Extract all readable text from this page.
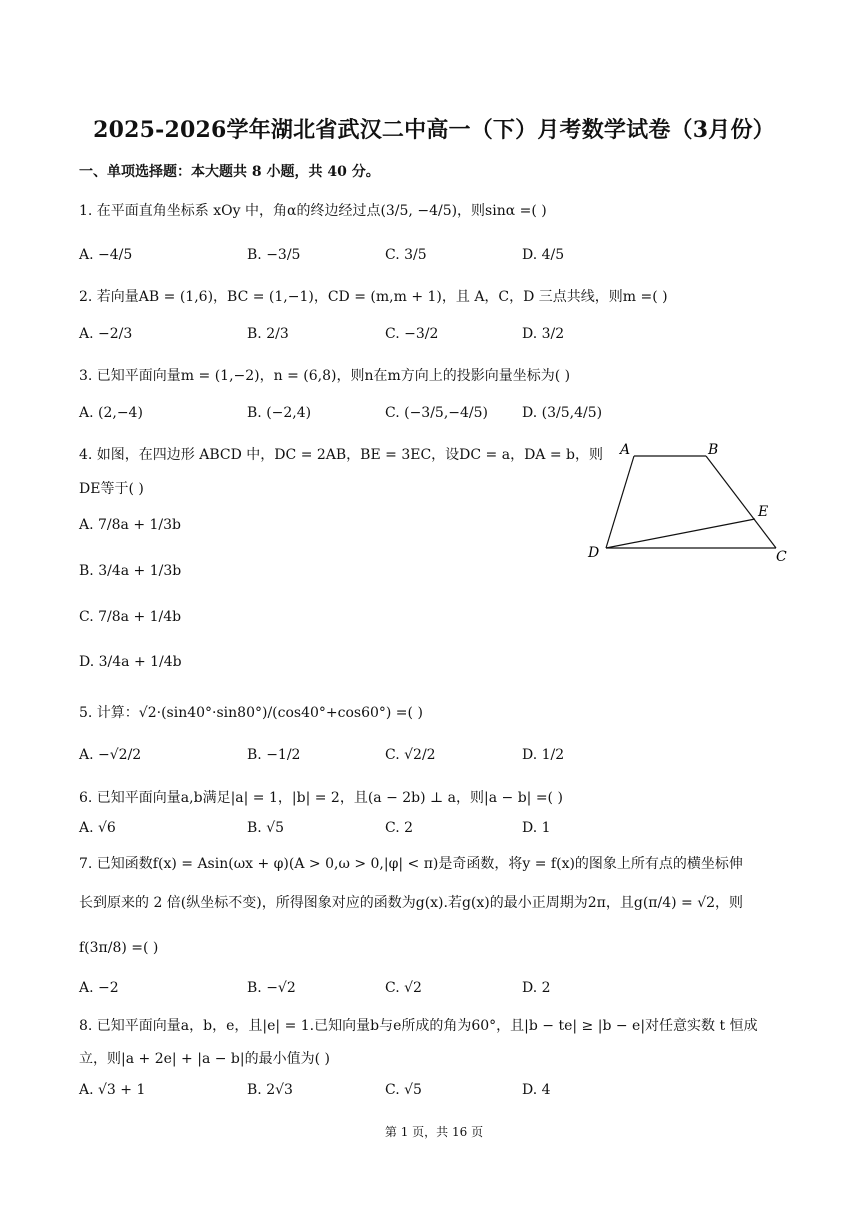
2025-2026学年湖北省武汉二中高一（下）月考数学试卷（3月份）
一、单项选择题：本大题共 8 小题，共 40 分。
1. 在平面直角坐标系 xOy 中，角α的终边经过点(3/5, −4/5)，则sinα =( )
A. −4/5	B. −3/5	C. 3/5	D. 4/5
2. 若向量AB = (1,6)，BC = (1,−1)，CD = (m,m + 1)，且 A，C，D 三点共线，则m =( )
A. −2/3	B. 2/3	C. −3/2	D. 3/2
3. 已知平面向量m = (1,−2)，n = (6,8)，则n在m方向上的投影向量坐标为( )
A. (2,−4)	B. (−2,4)	C. (−3/5,−4/5) D. (3/5,4/5)
4. 如图，在四边形 ABCD 中，DC = 2AB，BE = 3EC，设DC = a，DA = b，则
DE等于( )
A. 7/8a + 1/3b
B. 3/4a + 1/3b
C. 7/8a + 1/4b
D. 3/4a + 1/4b
A	B
E
D	C
5. 计算：√2·(sin40°·sin80°)/(cos40°+cos60°) =( )
A. −√2/2	B. −1/2	C. √2/2	D. 1/2
6. 已知平面向量a,b满足|a| = 1，|b| = 2，且(a − 2b) ⊥ a，则|a − b| =( )
A. √6	B. √5	C. 2	D. 1
7. 已知函数f(x) = Asin(ωx + φ)(A > 0,ω > 0,|φ| < π)是奇函数，将y = f(x)的图象上所有点的横坐标伸
长到原来的 2 倍(纵坐标不变)，所得图象对应的函数为g(x).若g(x)的最小正周期为2π，且g(π/4) = √2，则
f(3π/8) =( )
A. −2	B. −√2	C. √2	D. 2
8. 已知平面向量a，b，e，且|e| = 1.已知向量b与e所成的角为60°，且|b − te| ≥ |b − e|对任意实数 t 恒成
立，则|a + 2e| + |a − b|的最小值为( )
A. √3 + 1	B. 2√3	C. √5	D. 4
第 1 页，共 16 页
